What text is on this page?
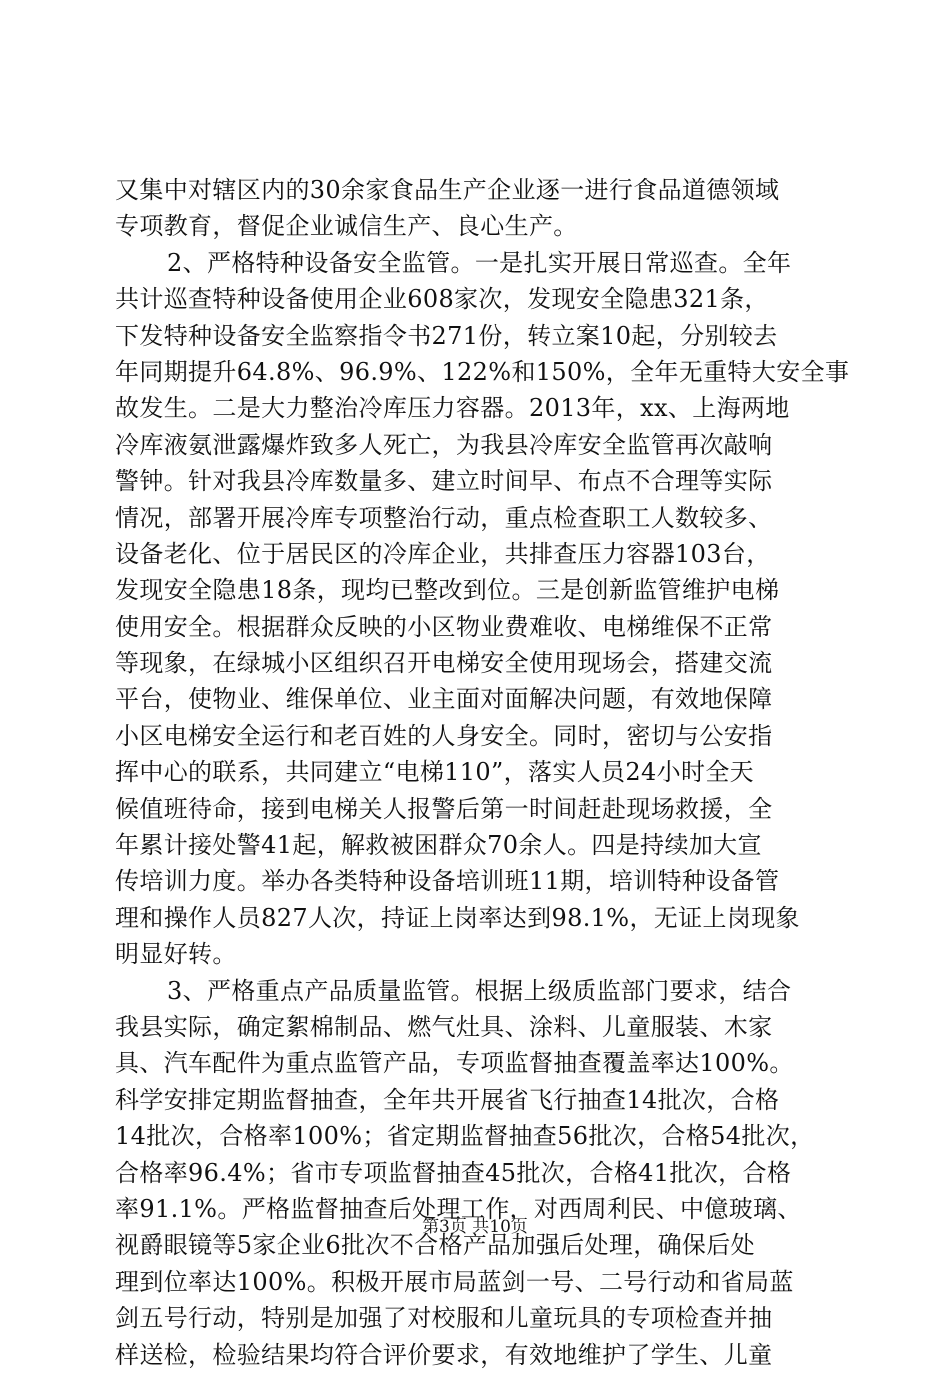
又集中对辖区内的30余家食品生产企业逐一进行食品道德领域
专项教育，督促企业诚信生产、良心生产。
2、严格特种设备安全监管。一是扎实开展日常巡查。全年
共计巡查特种设备使用企业608家次，发现安全隐患321条，
下发特种设备安全监察指令书271份，转立案10起，分别较去
年同期提升64.8%、96.9%、122%和150%，全年无重特大安全事
故发生。二是大力整治冷库压力容器。2013年，xx、上海两地
冷库液氨泄露爆炸致多人死亡，为我县冷库安全监管再次敲响
警钟。针对我县冷库数量多、建立时间早、布点不合理等实际
情况，部署开展冷库专项整治行动，重点检查职工人数较多、
设备老化、位于居民区的冷库企业，共排查压力容器103台，
发现安全隐患18条，现均已整改到位。三是创新监管维护电梯
使用安全。根据群众反映的小区物业费难收、电梯维保不正常
等现象，在绿城小区组织召开电梯安全使用现场会，搭建交流
平台，使物业、维保单位、业主面对面解决问题，有效地保障
小区电梯安全运行和老百姓的人身安全。同时，密切与公安指
挥中心的联系，共同建立“电梯110”，落实人员24小时全天
候值班待命，接到电梯关人报警后第一时间赶赴现场救援，全
年累计接处警41起，解救被困群众70余人。四是持续加大宣
传培训力度。举办各类特种设备培训班11期，培训特种设备管
理和操作人员827人次，持证上岗率达到98.1%，无证上岗现象
明显好转。
3、严格重点产品质量监管。根据上级质监部门要求，结合
我县实际，确定絮棉制品、燃气灶具、涂料、儿童服装、木家
具、汽车配件为重点监管产品，专项监督抽查覆盖率达100%。
科学安排定期监督抽查，全年共开展省飞行抽查14批次，合格
14批次，合格率100%；省定期监督抽查56批次，合格54批次，
合格率96.4%；省市专项监督抽查45批次，合格41批次，合格
率91.1%。严格监督抽查后处理工作，对西周利民、中億玻璃、
视爵眼镜等5家企业6批次不合格产品加强后处理，确保后处
理到位率达100%。积极开展市局蓝剑一号、二号行动和省局蓝
剑五号行动，特别是加强了对校服和儿童玩具的专项检查并抽
样送检，检验结果均符合评价要求，有效地维护了学生、儿童
第3页 共10页
